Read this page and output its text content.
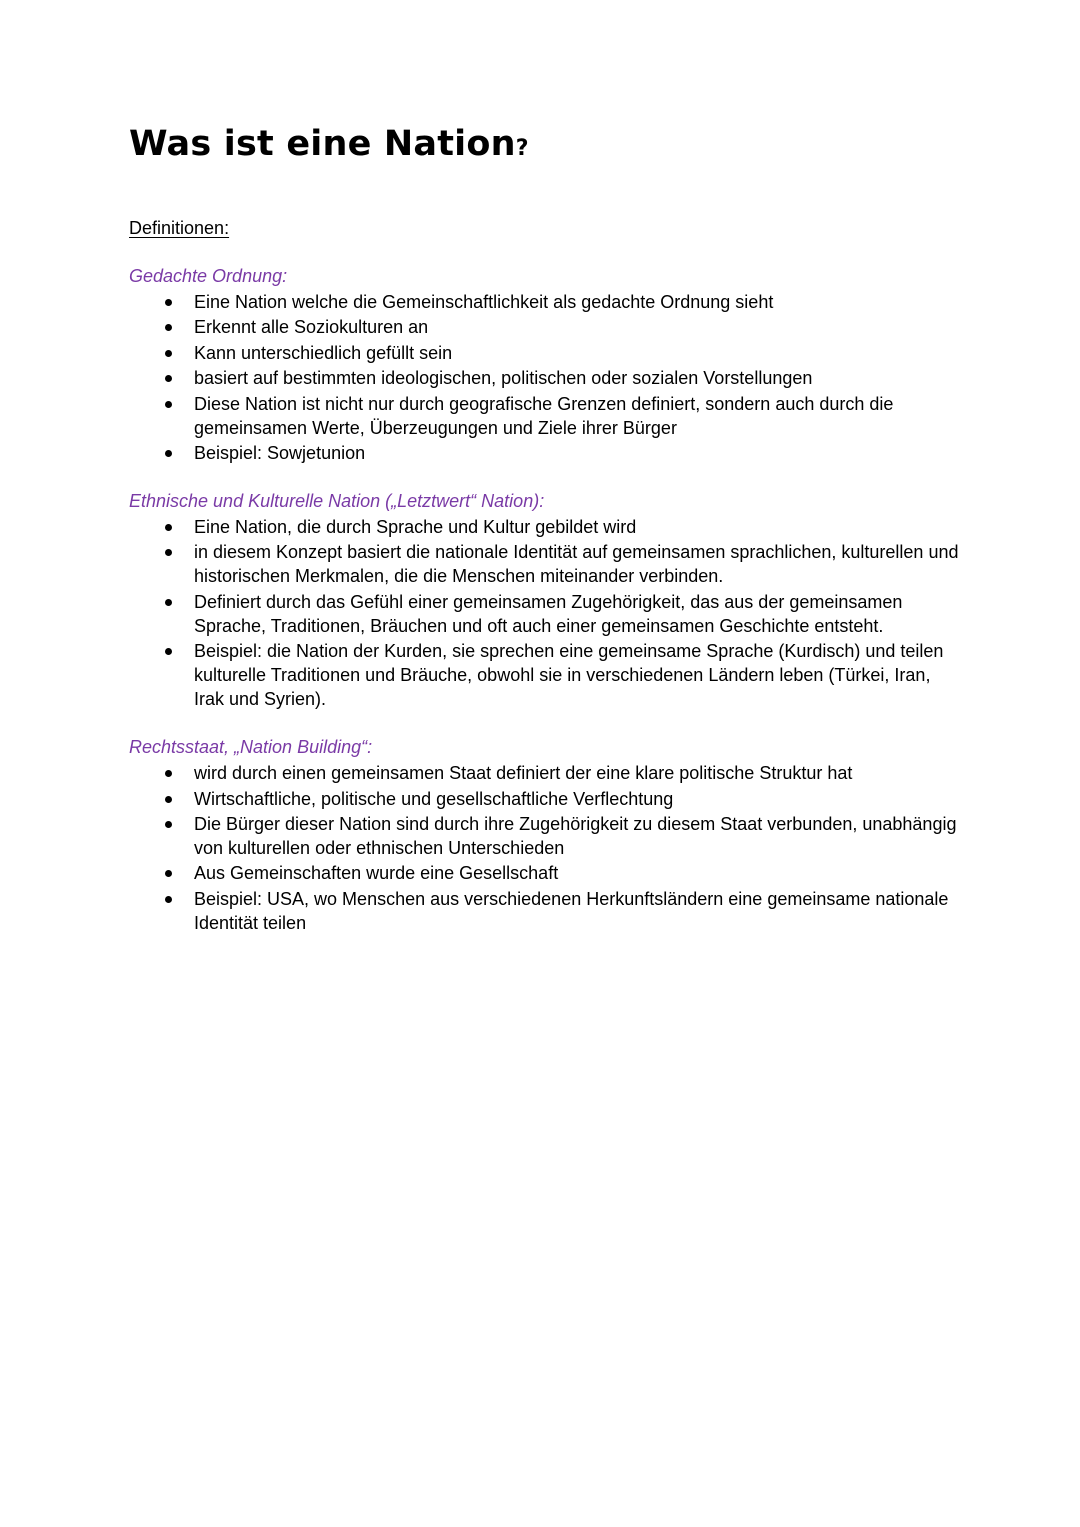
Was ist eine Nation?
Definitionen:
Gedachte Ordnung:
Eine Nation welche die Gemeinschaftlichkeit als gedachte Ordnung sieht
Erkennt alle Soziokulturen an
Kann unterschiedlich gefüllt sein
basiert auf bestimmten ideologischen, politischen oder sozialen Vorstellungen
Diese Nation ist nicht nur durch geografische Grenzen definiert, sondern auch durch die gemeinsamen Werte, Überzeugungen und Ziele ihrer Bürger
Beispiel: Sowjetunion
Ethnische und Kulturelle Nation („Letztwert“ Nation):
Eine Nation, die durch Sprache und Kultur gebildet wird
in diesem Konzept basiert die nationale Identität auf gemeinsamen sprachlichen, kulturellen und historischen Merkmalen, die die Menschen miteinander verbinden.
Definiert durch das Gefühl einer gemeinsamen Zugehörigkeit, das aus der gemeinsamen Sprache, Traditionen, Bräuchen und oft auch einer gemeinsamen Geschichte entsteht.
Beispiel: die Nation der Kurden, sie sprechen eine gemeinsame Sprache (Kurdisch) und teilen kulturelle Traditionen und Bräuche, obwohl sie in verschiedenen Ländern leben (Türkei, Iran, Irak und Syrien).
Rechtsstaat, „Nation Building“:
wird durch einen gemeinsamen Staat definiert der eine klare politische Struktur hat
Wirtschaftliche, politische und gesellschaftliche Verflechtung
Die Bürger dieser Nation sind durch ihre Zugehörigkeit zu diesem Staat verbunden, unabhängig von kulturellen oder ethnischen Unterschieden
Aus Gemeinschaften wurde eine Gesellschaft
Beispiel: USA, wo Menschen aus verschiedenen Herkunftsländern eine gemeinsame nationale Identität teilen
